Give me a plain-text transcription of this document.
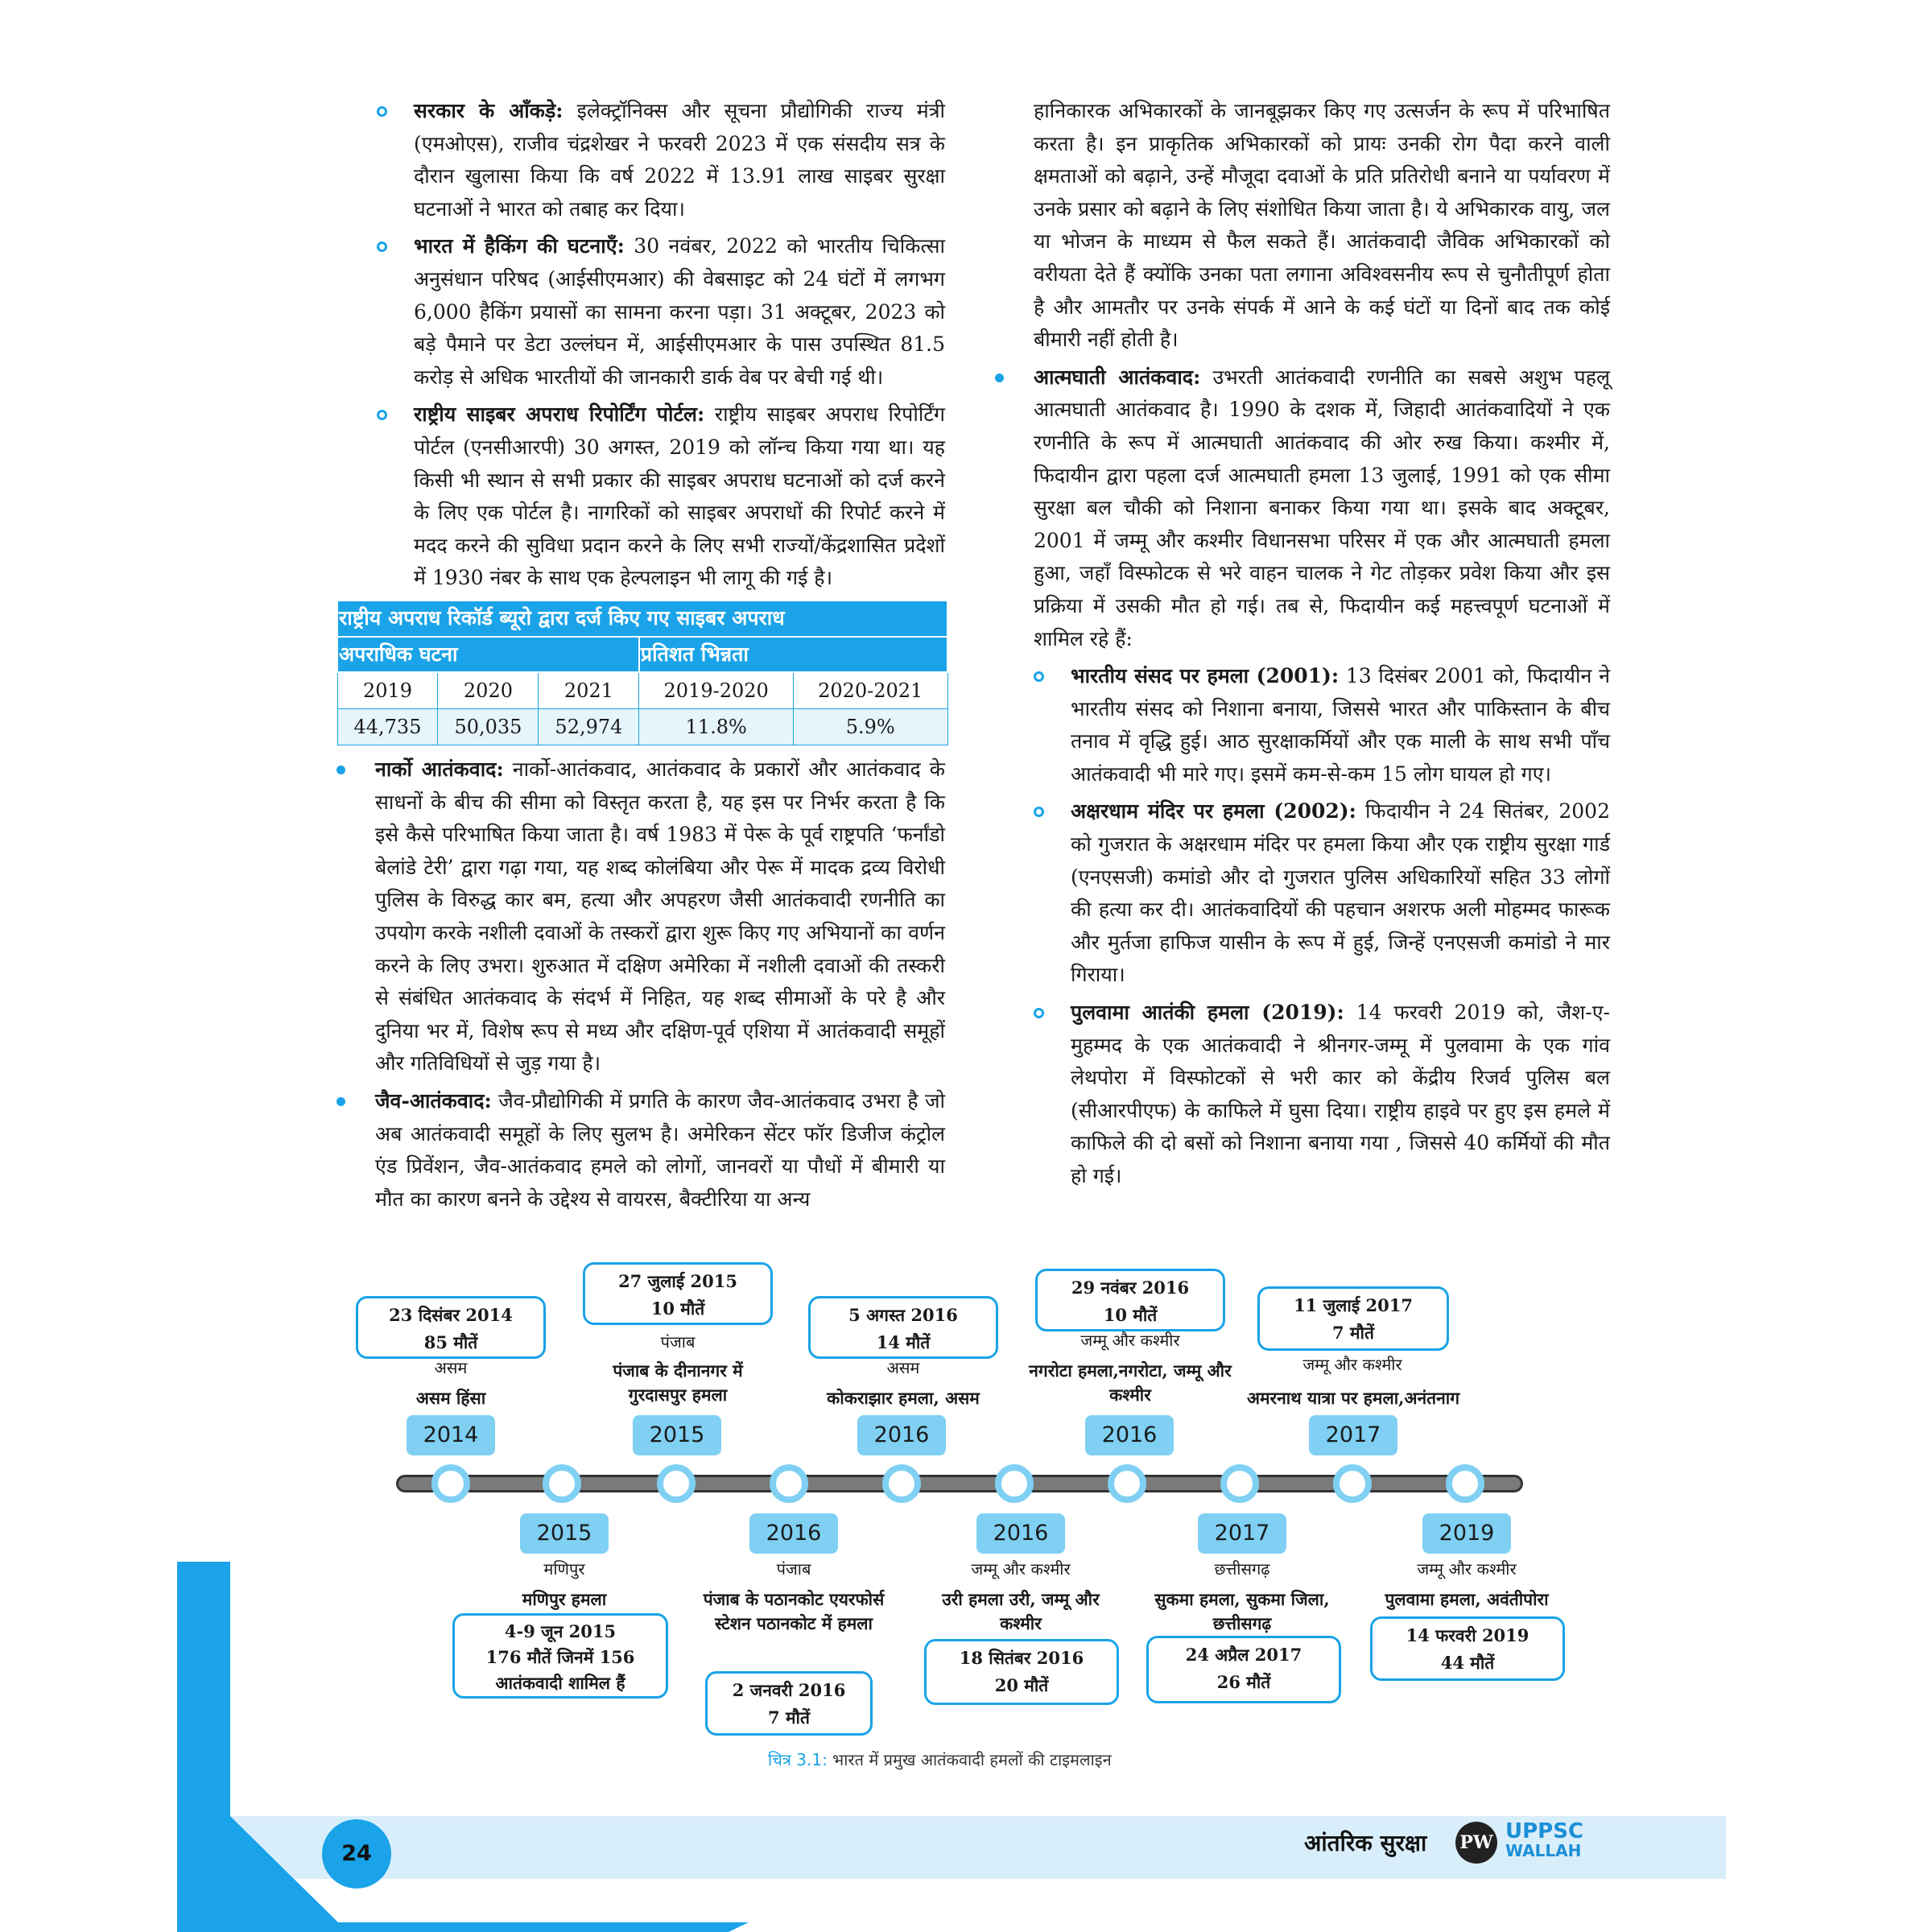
सरकार के आँकड़े: इलेक्ट्रॉनिक्स और सूचना प्रौद्योगिकी राज्य मंत्री (एमओएस), राजीव चंद्रशेखर ने फरवरी 2023 में एक संसदीय सत्र के दौरान खुलासा किया कि वर्ष 2022 में 13.91 लाख साइबर सुरक्षा घटनाओं ने भारत को तबाह कर दिया।
भारत में हैकिंग की घटनाएँ: 30 नवंबर, 2022 को भारतीय चिकित्सा अनुसंधान परिषद (आईसीएमआर) की वेबसाइट को 24 घंटों में लगभग 6,000 हैकिंग प्रयासों का सामना करना पड़ा। 31 अक्टूबर, 2023 को बड़े पैमाने पर डेटा उल्लंघन में, आईसीएमआर के पास उपस्थित 81.5 करोड़ से अधिक भारतीयों की जानकारी डार्क वेब पर बेची गई थी।
राष्ट्रीय साइबर अपराध रिपोर्टिंग पोर्टल: राष्ट्रीय साइबर अपराध रिपोर्टिंग पोर्टल (एनसीआरपी) 30 अगस्त, 2019 को लॉन्च किया गया था। यह किसी भी स्थान से सभी प्रकार की साइबर अपराध घटनाओं को दर्ज करने के लिए एक पोर्टल है। नागरिकों को साइबर अपराधों की रिपोर्ट करने में मदद करने की सुविधा प्रदान करने के लिए सभी राज्यों/केंद्रशासित प्रदेशों में 1930 नंबर के साथ एक हेल्पलाइन भी लागू की गई है।
राष्ट्रीय अपराध रिकॉर्ड ब्यूरो द्वारा दर्ज किए गए साइबर अपराध				
अपराधिक घटना			प्रतिशत भिन्नता	
2019	2020	2021	2019-2020	2020-2021
44,735	50,035	52,974	11.8%	5.9%
नार्को आतंकवाद: नार्को-आतंकवाद, आतंकवाद के प्रकारों और आतंकवाद के साधनों के बीच की सीमा को विस्तृत करता है, यह इस पर निर्भर करता है कि इसे कैसे परिभाषित किया जाता है। वर्ष 1983 में पेरू के पूर्व राष्ट्रपति ‘फर्नांडो बेलांडे टेरी’ द्वारा गढ़ा गया, यह शब्द कोलंबिया और पेरू में मादक द्रव्य विरोधी पुलिस के विरुद्ध कार बम, हत्या और अपहरण जैसी आतंकवादी रणनीति का उपयोग करके नशीली दवाओं के तस्करों द्वारा शुरू किए गए अभियानों का वर्णन करने के लिए उभरा। शुरुआत में दक्षिण अमेरिका में नशीली दवाओं की तस्करी से संबंधित आतंकवाद के संदर्भ में निहित, यह शब्द सीमाओं के परे है और दुनिया भर में, विशेष रूप से मध्य और दक्षिण-पूर्व एशिया में आतंकवादी समूहों और गतिविधियों से जुड़ गया है।
जैव-आतंकवाद: जैव-प्रौद्योगिकी में प्रगति के कारण जैव-आतंकवाद उभरा है जो अब आतंकवादी समूहों के लिए सुलभ है। अमेरिकन सेंटर फॉर डिजीज कंट्रोल एंड प्रिवेंशन, जैव-आतंकवाद हमले को लोगों, जानवरों या पौधों में बीमारी या मौत का कारण बनने के उद्देश्य से वायरस, बैक्टीरिया या अन्य
हानिकारक अभिकारकों के जानबूझकर किए गए उत्सर्जन के रूप में परिभाषित करता है। इन प्राकृतिक अभिकारकों को प्रायः उनकी रोग पैदा करने वाली क्षमताओं को बढ़ाने, उन्हें मौजूदा दवाओं के प्रति प्रतिरोधी बनाने या पर्यावरण में उनके प्रसार को बढ़ाने के लिए संशोधित किया जाता है। ये अभिकारक वायु, जल या भोजन के माध्यम से फैल सकते हैं। आतंकवादी जैविक अभिकारकों को वरीयता देते हैं क्योंकि उनका पता लगाना अविश्वसनीय रूप से चुनौतीपूर्ण होता है और आमतौर पर उनके संपर्क में आने के कई घंटों या दिनों बाद तक कोई बीमारी नहीं होती है।
आत्मघाती आतंकवाद: उभरती आतंकवादी रणनीति का सबसे अशुभ पहलू आत्मघाती आतंकवाद है। 1990 के दशक में, जिहादी आतंकवादियों ने एक रणनीति के रूप में आत्मघाती आतंकवाद की ओर रुख किया। कश्मीर में, फिदायीन द्वारा पहला दर्ज आत्मघाती हमला 13 जुलाई, 1991 को एक सीमा सुरक्षा बल चौकी को निशाना बनाकर किया गया था। इसके बाद अक्टूबर, 2001 में जम्मू और कश्मीर विधानसभा परिसर में एक और आत्मघाती हमला हुआ, जहाँ विस्फोटक से भरे वाहन चालक ने गेट तोड़कर प्रवेश किया और इस प्रक्रिया में उसकी मौत हो गई। तब से, फिदायीन कई महत्त्वपूर्ण घटनाओं में शामिल रहे हैं:
भारतीय संसद पर हमला (2001): 13 दिसंबर 2001 को, फिदायीन ने भारतीय संसद को निशाना बनाया, जिससे भारत और पाकिस्तान के बीच तनाव में वृद्धि हुई। आठ सुरक्षाकर्मियों और एक माली के साथ सभी पाँच आतंकवादी भी मारे गए। इसमें कम-से-कम 15 लोग घायल हो गए।
अक्षरधाम मंदिर पर हमला (2002): फिदायीन ने 24 सितंबर, 2002 को गुजरात के अक्षरधाम मंदिर पर हमला किया और एक राष्ट्रीय सुरक्षा गार्ड (एनएसजी) कमांडो और दो गुजरात पुलिस अधिकारियों सहित 33 लोगों की हत्या कर दी। आतंकवादियों की पहचान अशरफ अली मोहम्मद फारूक और मुर्तजा हाफिज यासीन के रूप में हुई, जिन्हें एनएसजी कमांडो ने मार गिराया।
पुलवामा आतंकी हमला (2019): 14 फरवरी 2019 को, जैश-ए-मुहम्मद के एक आतंकवादी ने श्रीनगर-जम्मू में पुलवामा के एक गांव लेथपोरा में विस्फोटकों से भरी कार को केंद्रीय रिजर्व पुलिस बल (सीआरपीएफ) के काफिले में घुसा दिया। राष्ट्रीय हाइवे पर हुए इस हमले में काफिले की दो बसों को निशाना बनाया गया , जिससे 40 कर्मियों की मौत हो गई।
23 दिसंबर 2014
85 मौतें
असम
असम हिंसा
2014
27 जुलाई 2015
10 मौतें
पंजाब
पंजाब के दीनानगर में गुरदासपुर हमला
2015
5 अगस्त 2016
14 मौतें
असम
कोकराझार हमला, असम
2016
29 नवंबर 2016
10 मौतें
जम्मू और कश्मीर
नगरोटा हमला,नगरोटा, जम्मू और कश्मीर
2016
11 जुलाई 2017
7 मौतें
जम्मू और कश्मीर
अमरनाथ यात्रा पर हमला,अनंतनाग
2017
2015
मणिपुर
मणिपुर हमला
4-9 जून 2015
176 मौतें जिनमें 156 आतंकवादी शामिल हैं
2016
पंजाब
पंजाब के पठानकोट एयरफोर्स स्टेशन पठानकोट में हमला
2 जनवरी 2016
7 मौतें
2016
जम्मू और कश्मीर
उरी हमला उरी, जम्मू और कश्मीर
18 सितंबर 2016
20 मौतें
2017
छत्तीसगढ़
सुकमा हमला, सुकमा जिला, छत्तीसगढ़
24 अप्रैल 2017
26 मौतें
2019
जम्मू और कश्मीर
पुलवामा हमला, अवंतीपोरा
14 फरवरी 2019
44 मौतें
चित्र 3.1: भारत में प्रमुख आतंकवादी हमलों की टाइमलाइन
24	आंतरिक सुरक्षा PW UPPSC
WALLAH
